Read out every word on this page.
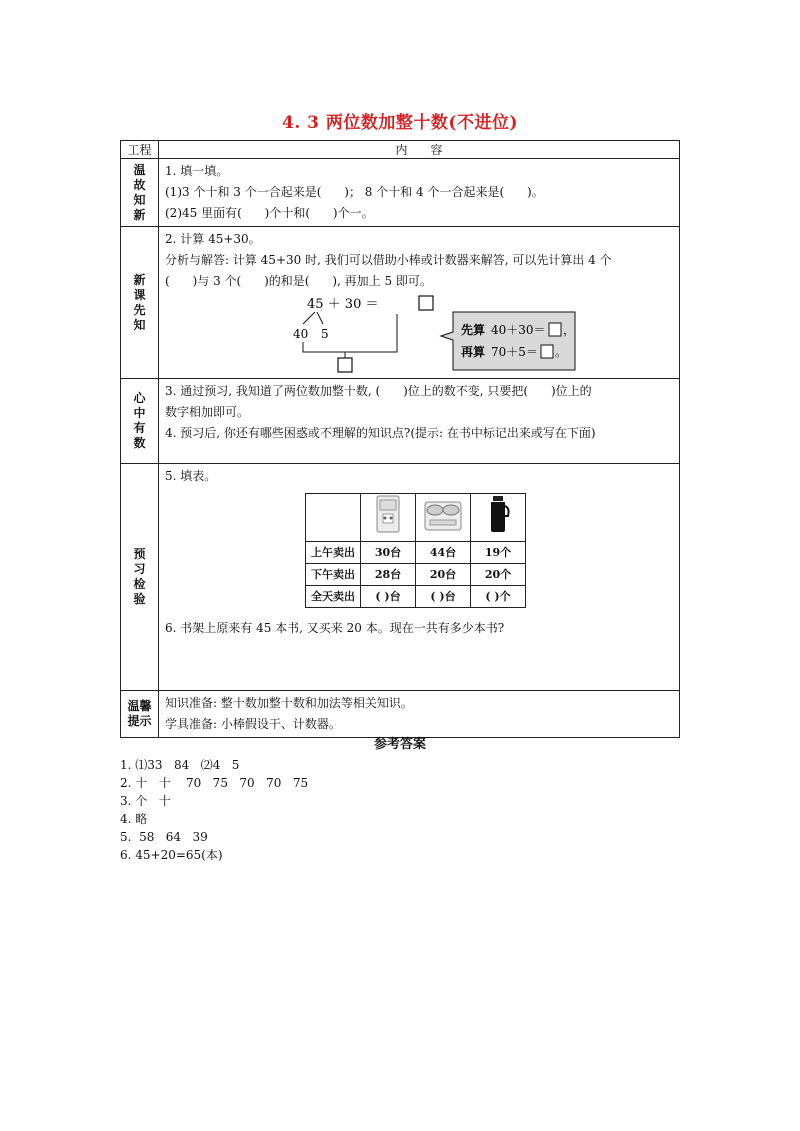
4. 3 两位数加整十数(不进位)
工程	内      容

温故知新

1. 填一填。
(1)3 个十和 3 个一合起来是(      )； 8 个十和 4 个一合起来是(      )。
(2)45 里面有(      )个十和(      )个一。

新课先知

2. 计算 45+30。
分析与解答: 计算 45+30 时, 我们可以借助小棒或计数器来解答, 可以先计算出 4 个
(      )与 3 个(      )的和是(      ), 再加上 5 即可。
45 ＋ 30 ＝
40 5	先算 40＋30＝ ，
再算 70＋5＝ 。

心中有数

3. 通过预习, 我知道了两位数加整十数, (      )位上的数不变, 只要把(      )位上的
数字相加即可。
4. 预习后, 你还有哪些困惑或不理解的知识点?(提示: 在书中标记出来或写在下面)

预习检验

5. 填表。

上午卖出	30台	44台	19个
下午卖出	28台	20台	20个
全天卖出	( )台	( )台	( )个
6. 书架上原来有 45 本书, 又买来 20 本。现在一共有多少本书?

温馨提示

知识准备: 整十数加整十数和加法等相关知识。
学具准备: 小棒假设干、计数器。
参考答案
1. ⑴33   84   ⑵4   5
2. 十   十    70   75   70   70   75
3. 个   十
4. 略
5.  58   64   39
6. 45+20=65(本)
